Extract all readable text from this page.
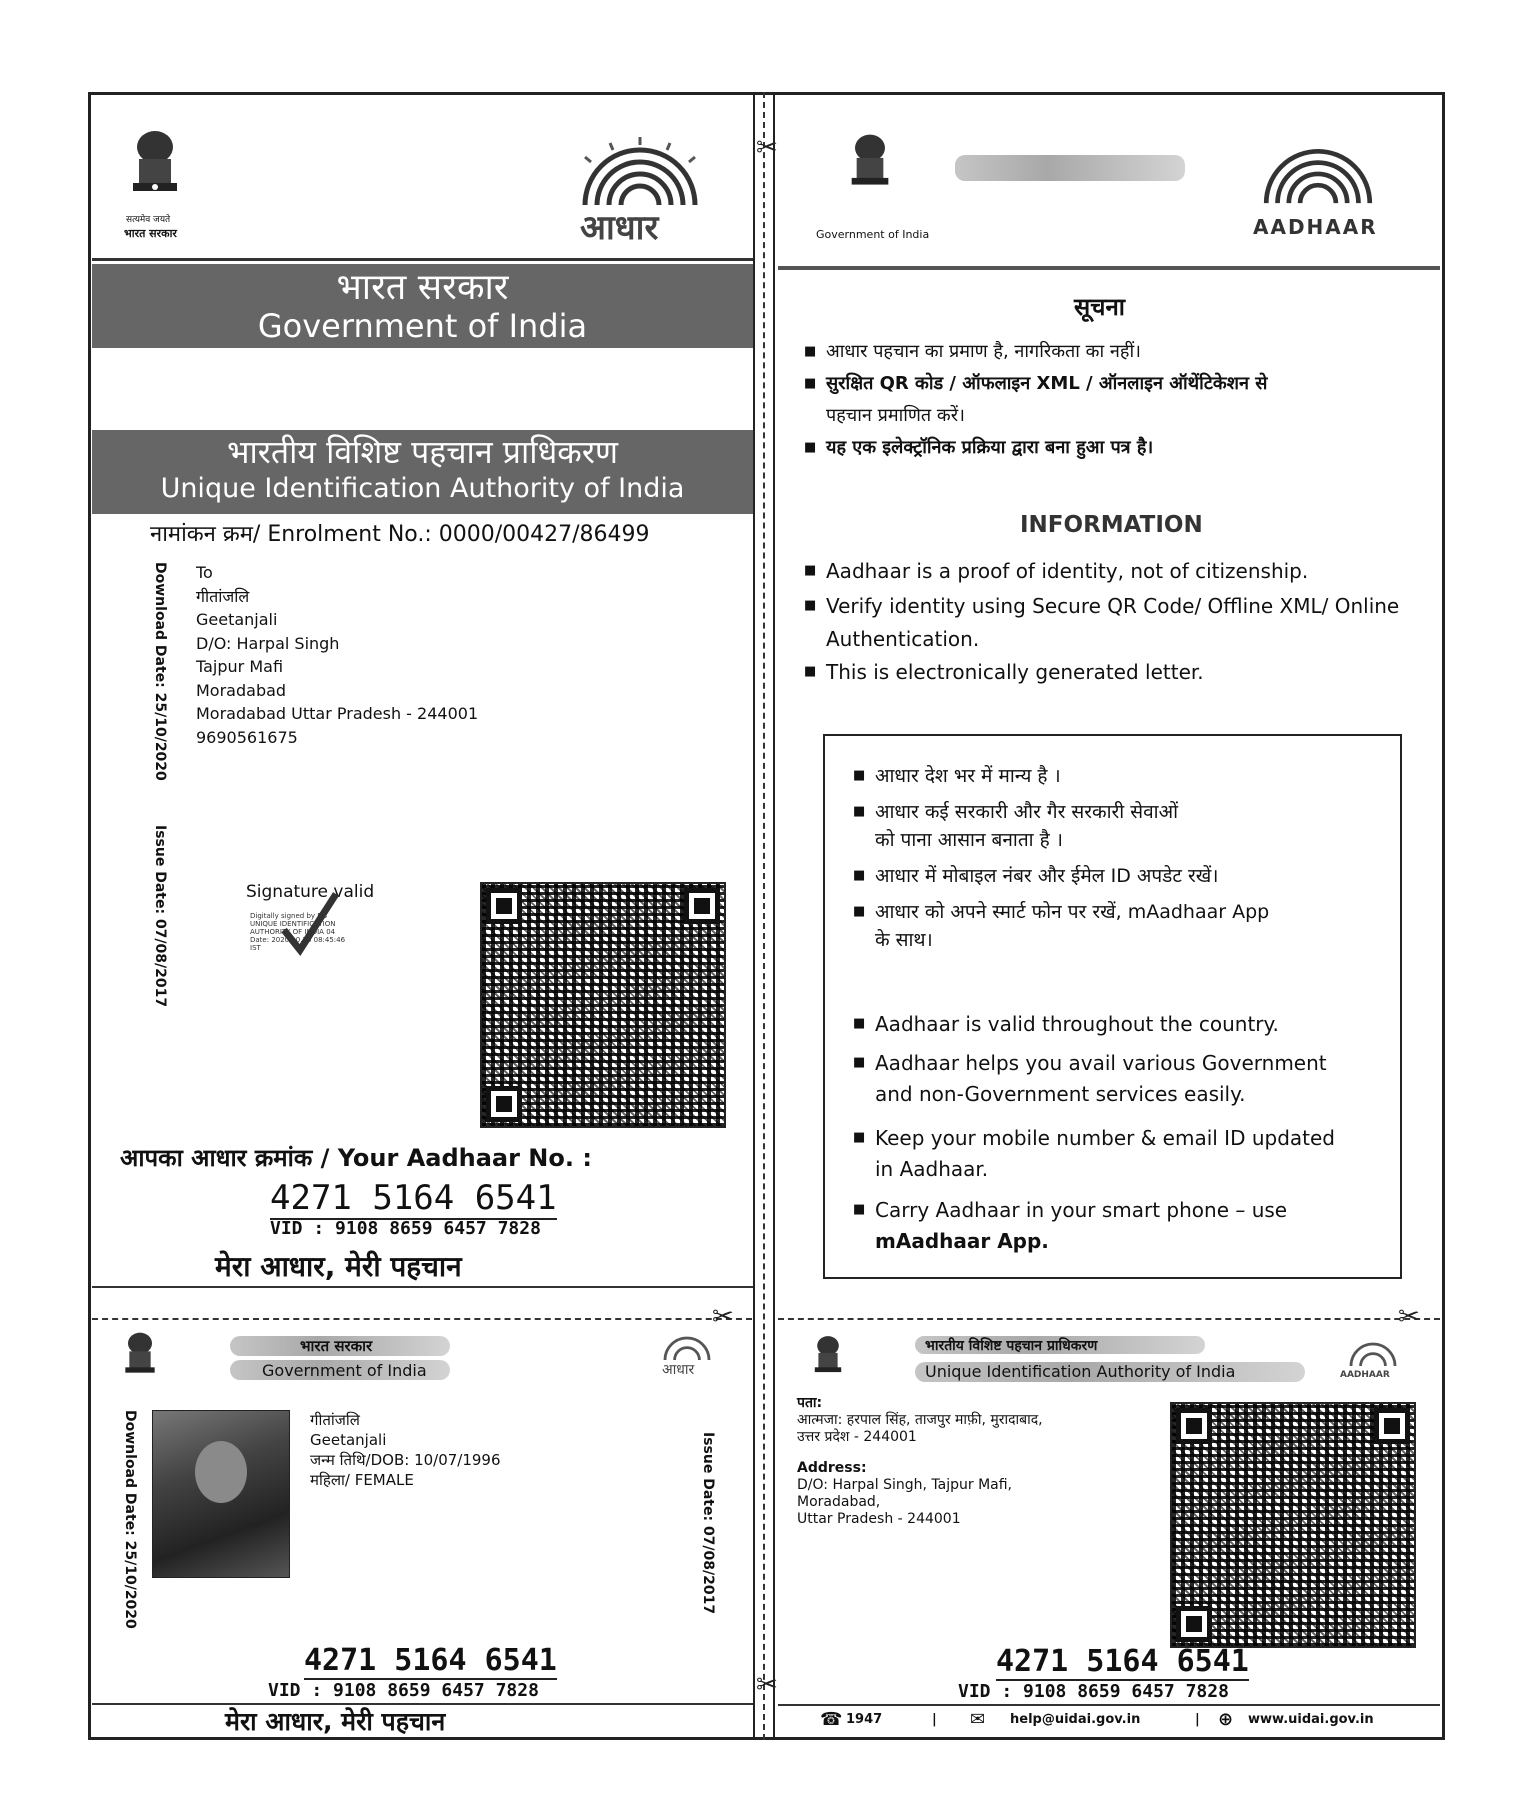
✂
✂
✂	✂
सत्यमेव जयते
भारत सरकार	आधार
भारत सरकार
Government of India
भारतीय विशिष्ट पहचान प्राधिकरण
Unique Identification Authority of India
नामांकन क्रम/ Enrolment No.: 0000/00427/86499
Download Date: 25/10/2020
Issue Date: 07/08/2017
To
गीतांजलि
Geetanjali
D/O: Harpal Singh
Tajpur Mafi
Moradabad
Moradabad Uttar Pradesh - 244001
9690561675
Signature valid
Digitally signed by DS
UNIQUE IDENTIFICATION
AUTHORITY OF INDIA 04
Date: 2020.10.25 08:45:46
IST
आपका आधार क्रमांक / Your Aadhaar No. :
4271 5164 6541
VID : 9108 8659 6457 7828
मेरा आधार, मेरी पहचान
Government of India	AADHAAR
सूचना
■ आधार पहचान का प्रमाण है, नागरिकता का नहीं।
■ सुरक्षित QR कोड / ऑफलाइन XML / ऑनलाइन ऑथेंटिकेशन से
पहचान प्रमाणित करें।
■ यह एक इलेक्ट्रॉनिक प्रक्रिया द्वारा बना हुआ पत्र है।
INFORMATION
■ Aadhaar is a proof of identity, not of citizenship.
■ Verify identity using Secure QR Code/ Offline XML/ Online
Authentication.
■ This is electronically generated letter.
■ आधार देश भर में मान्य है ।
■ आधार कई सरकारी और गैर सरकारी सेवाओं
को पाना आसान बनाता है ।
■ आधार में मोबाइल नंबर और ईमेल ID अपडेट रखें।
■ आधार को अपने स्मार्ट फोन पर रखें, mAadhaar App
के साथ।
■ Aadhaar is valid throughout the country.
■ Aadhaar helps you avail various Government
and non-Government services easily.
■ Keep your mobile number & email ID updated
in Aadhaar.
■ Carry Aadhaar in your smart phone – use
mAadhaar App.
भारत सरकार
Government of India	आधार
Download Date: 25/10/2020	Issue Date: 07/08/2017
गीतांजलि
Geetanjali
जन्म तिथि/DOB: 10/07/1996
महिला/ FEMALE
4271 5164 6541
VID : 9108 8659 6457 7828
मेरा आधार, मेरी पहचान
भारतीय विशिष्ट पहचान प्राधिकरण
Unique Identification Authority of India	AADHAAR
पता:
आत्मजा: हरपाल सिंह, ताजपुर माफ़ी, मुरादाबाद,
उत्तर प्रदेश - 244001
Address:
D/O: Harpal Singh, Tajpur Mafi,
Moradabad,
Uttar Pradesh - 244001
4271 5164 6541
VID : 9108 8659 6457 7828
☎ 1947	| ✉ help@uidai.gov.in	| ⊕ www.uidai.gov.in
